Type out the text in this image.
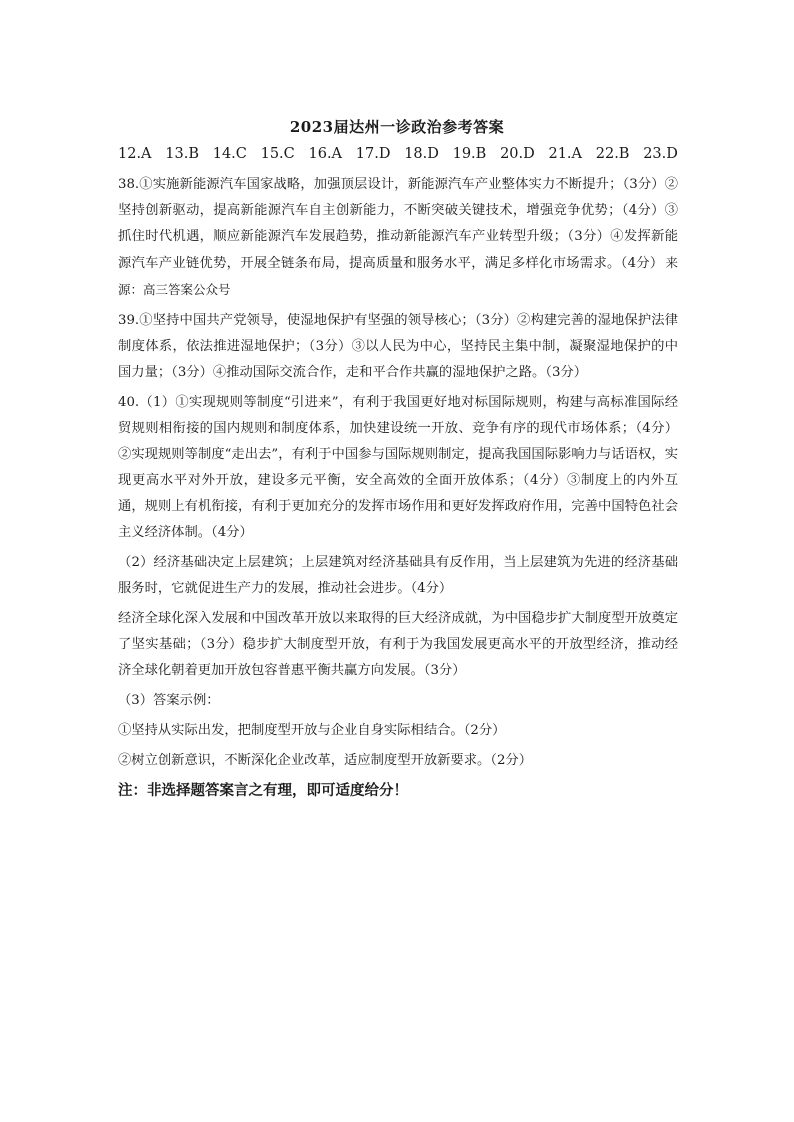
2023届达州一诊政治参考答案
12.A 13.B 14.C 15.C 16.A 17.D 18.D 19.B 20.D 21.A 22.B 23.D

38.①实施新能源汽车国家战略，加强顶层设计，新能源汽车产业整体实力不断提升；（3分）②坚持创新驱动，提高新能源汽车自主创新能力，不断突破关键技术，增强竞争优势；（4分）③抓住时代机遇，顺应新能源汽车发展趋势，推动新能源汽车产业转型升级；（3分）④发挥新能源汽车产业链优势，开展全链条布局，提高质量和服务水平，满足多样化市场需求。（4分） 来源：高三答案公众号

39.①坚持中国共产党领导，使湿地保护有坚强的领导核心；（3分）②构建完善的湿地保护法律制度体系，依法推进湿地保护；（3分）③以人民为中心，坚持民主集中制，凝聚湿地保护的中国力量；（3分）④推动国际交流合作，走和平合作共赢的湿地保护之路。（3分）

40.（1）①实现规则等制度“引进来”，有利于我国更好地对标国际规则，构建与高标准国际经贸规则相衔接的国内规则和制度体系，加快建设统一开放、竞争有序的现代市场体系；（4分）②实现规则等制度“走出去”，有利于中国参与国际规则制定，提高我国国际影响力与话语权，实现更高水平对外开放，建设多元平衡，安全高效的全面开放体系；（4分）③制度上的内外互通，规则上有机衔接，有利于更加充分的发挥市场作用和更好发挥政府作用，完善中国特色社会主义经济体制。（4分）

（2）经济基础决定上层建筑；上层建筑对经济基础具有反作用，当上层建筑为先进的经济基础服务时，它就促进生产力的发展，推动社会进步。（4分）

经济全球化深入发展和中国改革开放以来取得的巨大经济成就，为中国稳步扩大制度型开放奠定了坚实基础；（3分）稳步扩大制度型开放，有利于为我国发展更高水平的开放型经济，推动经济全球化朝着更加开放包容普惠平衡共赢方向发展。（3分）

（3）答案示例：

①坚持从实际出发，把制度型开放与企业自身实际相结合。（2分）

②树立创新意识，不断深化企业改革，适应制度型开放新要求。（2分）

注：非选择题答案言之有理，即可适度给分！
